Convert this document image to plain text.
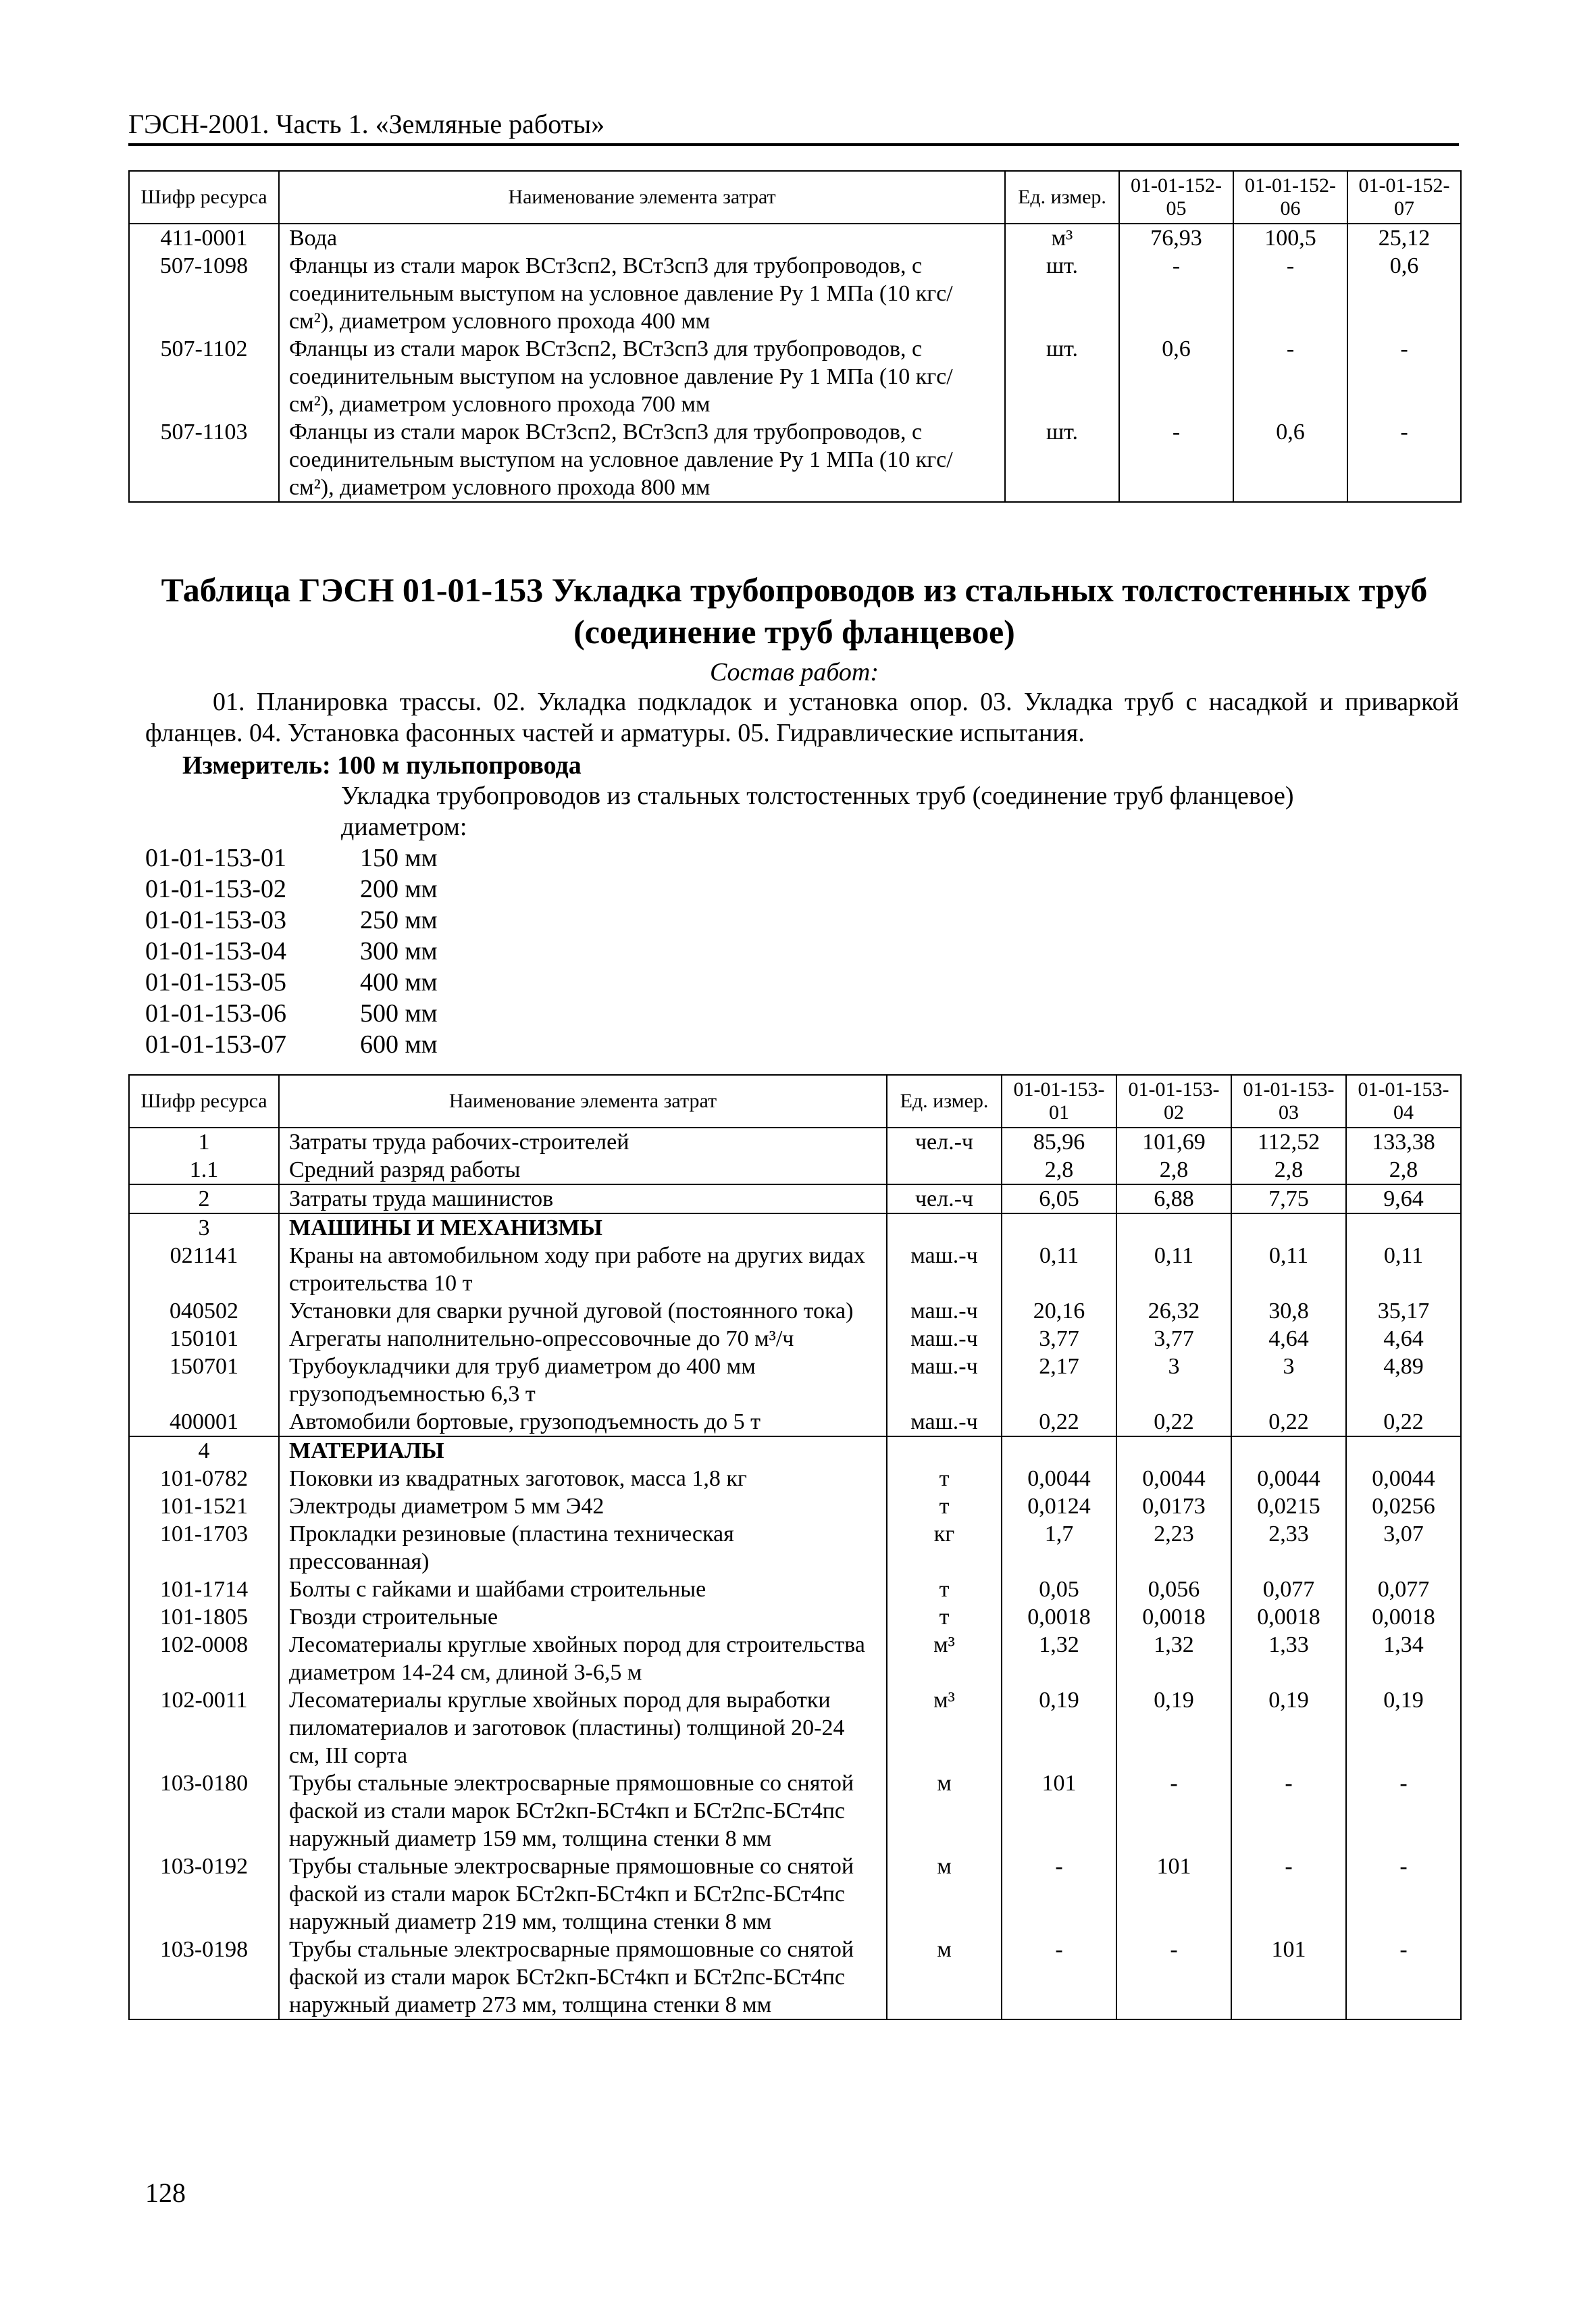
ГЭСН-2001. Часть 1. «Земляные работы»
Шифр ресурса	Наименование элемента затрат	Ед. измер.	01-01-152-05	01-01-152-06	01-01-152-07
411-0001	Вода	м³	76,93	100,5	25,12
507-1098	Фланцы из стали марок ВСт3сп2, ВСт3сп3 для трубопроводов, с соединительным выступом на условное давление Ру 1 МПа (10 кгс/см²), диаметром условного прохода 400 мм	шт.	-	-	0,6
507-1102	Фланцы из стали марок ВСт3сп2, ВСт3сп3 для трубопроводов, с соединительным выступом на условное давление Ру 1 МПа (10 кгс/см²), диаметром условного прохода 700 мм	шт.	0,6	-	-
507-1103	Фланцы из стали марок ВСт3сп2, ВСт3сп3 для трубопроводов, с соединительным выступом на условное давление Ру 1 МПа (10 кгс/см²), диаметром условного прохода 800 мм	шт.	-	0,6	-
Таблица ГЭСН 01-01-153 Укладка трубопроводов из стальных толстостенных труб (соединение труб фланцевое)
Состав работ:
01. Планировка трассы. 02. Укладка подкладок и установка опор. 03. Укладка труб с насадкой и приваркой фланцев. 04. Установка фасонных частей и арматуры. 05. Гидравлические испытания.
Измеритель: 100 м пульпопровода
Укладка трубопроводов из стальных толстостенных труб (соединение труб фланцевое) диаметром:
01-01-153-01	150 мм
01-01-153-02	200 мм
01-01-153-03	250 мм
01-01-153-04	300 мм
01-01-153-05	400 мм
01-01-153-06	500 мм
01-01-153-07	600 мм
Шифр ресурса	Наименование элемента затрат	Ед. измер.	01-01-153-01	01-01-153-02	01-01-153-03	01-01-153-04
1	Затраты труда рабочих-строителей	чел.-ч	85,96	101,69	112,52	133,38
1.1	Средний разряд работы		2,8	2,8	2,8	2,8
2	Затраты труда машинистов	чел.-ч	6,05	6,88	7,75	9,64
3	МАШИНЫ И МЕХАНИЗМЫ					
021141	Краны на автомобильном ходу при работе на других видах строительства 10 т	маш.-ч	0,11	0,11	0,11	0,11
040502	Установки для сварки ручной дуговой (постоянного тока)	маш.-ч	20,16	26,32	30,8	35,17
150101	Агрегаты наполнительно-опрессовочные до 70 м³/ч	маш.-ч	3,77	3,77	4,64	4,64
150701	Трубоукладчики для труб диаметром до 400 мм грузоподъемностью 6,3 т	маш.-ч	2,17	3	3	4,89
400001	Автомобили бортовые, грузоподъемность до 5 т	маш.-ч	0,22	0,22	0,22	0,22
4	МАТЕРИАЛЫ					
101-0782	Поковки из квадратных заготовок, масса 1,8 кг	т	0,0044	0,0044	0,0044	0,0044
101-1521	Электроды диаметром 5 мм Э42	т	0,0124	0,0173	0,0215	0,0256
101-1703	Прокладки резиновые (пластина техническая прессованная)	кг	1,7	2,23	2,33	3,07
101-1714	Болты с гайками и шайбами строительные	т	0,05	0,056	0,077	0,077
101-1805	Гвозди строительные	т	0,0018	0,0018	0,0018	0,0018
102-0008	Лесоматериалы круглые хвойных пород для строительства диаметром 14-24 см, длиной 3-6,5 м	м³	1,32	1,32	1,33	1,34
102-0011	Лесоматериалы круглые хвойных пород для выработки пиломатериалов и заготовок (пластины) толщиной 20-24 см, III сорта	м³	0,19	0,19	0,19	0,19
103-0180	Трубы стальные электросварные прямошовные со снятой фаской из стали марок БСт2кп-БСт4кп и БСт2пс-БСт4пс наружный диаметр 159 мм, толщина стенки 8 мм	м	101	-	-	-
103-0192	Трубы стальные электросварные прямошовные со снятой фаской из стали марок БСт2кп-БСт4кп и БСт2пс-БСт4пс наружный диаметр 219 мм, толщина стенки 8 мм	м	-	101	-	-
103-0198	Трубы стальные электросварные прямошовные со снятой фаской из стали марок БСт2кп-БСт4кп и БСт2пс-БСт4пс наружный диаметр 273 мм, толщина стенки 8 мм	м	-	-	101	-
128
